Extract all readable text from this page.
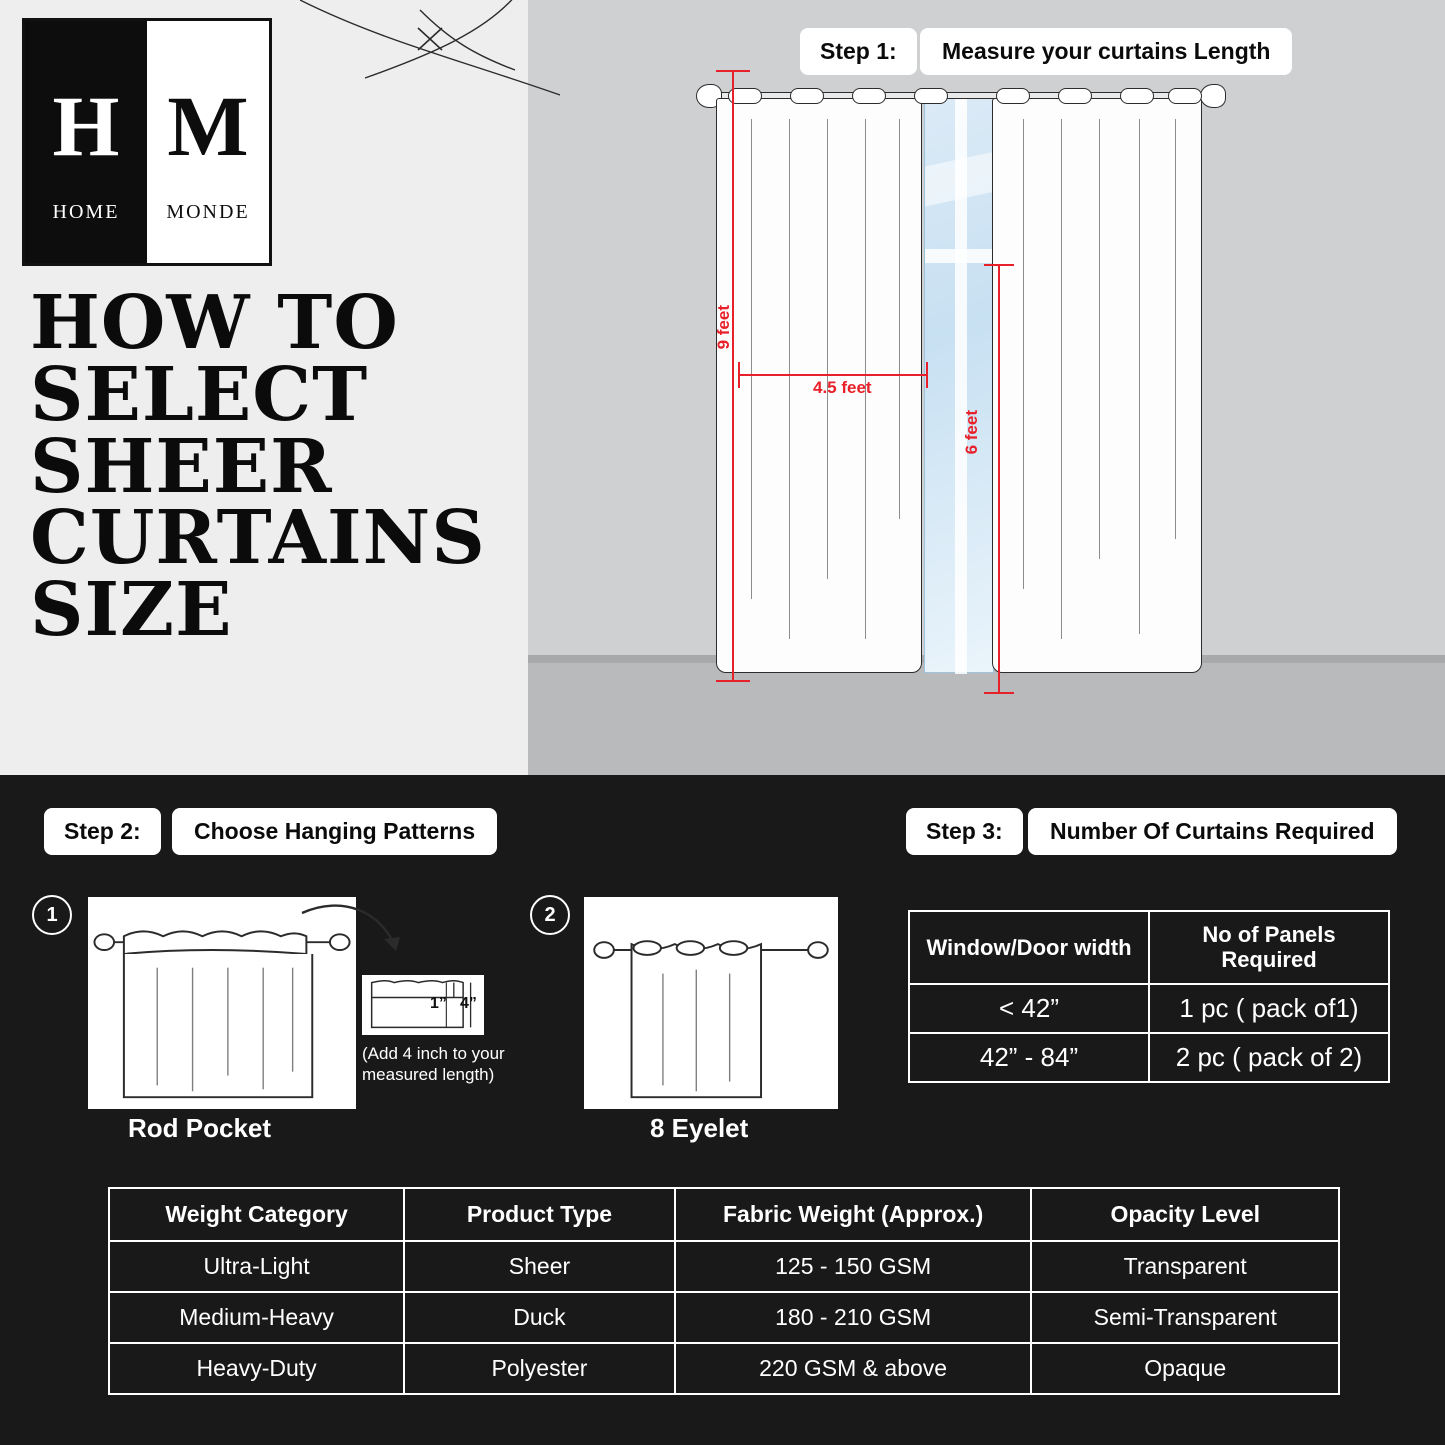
H
HOME
M
MONDE
HOW TO SELECT SHEER CURTAINS SIZE
Step 1:	Measure your curtains Length
9 feet
4.5 feet
6 feet
Step 2:	Choose Hanging Patterns	Step 3:	Number Of Curtains Required
1
1” 4”
(Add 4 inch to your measured length)
Rod Pocket
2
8 Eyelet
Window/Door width	No of Panels Required
< 42”	1 pc ( pack of1)
42” - 84”	2 pc ( pack of 2)
Weight Category	Product Type	Fabric Weight (Approx.)	Opacity Level
Ultra-Light	Sheer	125 - 150 GSM	Transparent
Medium-Heavy	Duck	180 - 210 GSM	Semi-Transparent
Heavy-Duty	Polyester	220 GSM & above	Opaque
